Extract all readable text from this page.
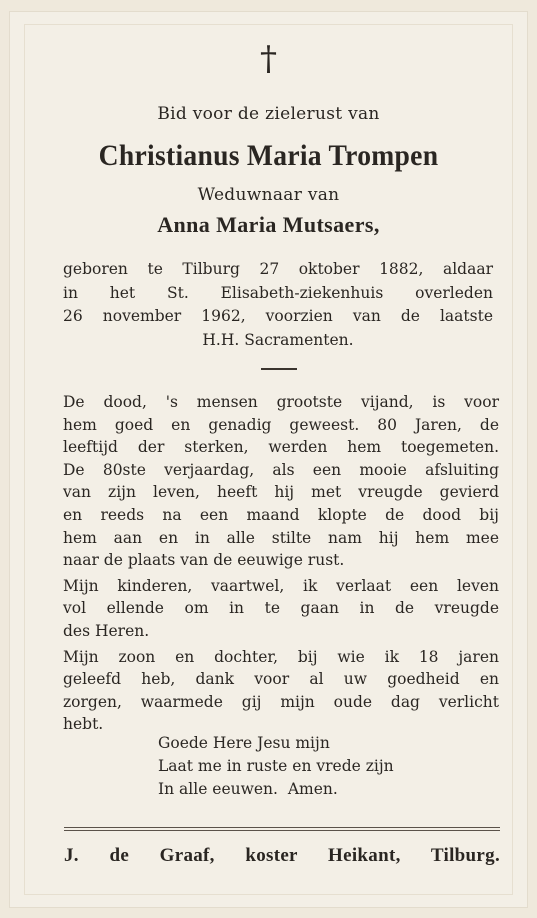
†
Bid voor de zielerust van
Christianus Maria Trompen
Weduwnaar van
Anna Maria Mutsaers,
geboren te Tilburg 27 oktober 1882, aldaar
in het St. Elisabeth-ziekenhuis overleden
26 november 1962, voorzien van de laatste
H.H. Sacramenten.
De dood, 's mensen grootste vijand, is voor
hem goed en genadig geweest. 80 Jaren, de
leeftijd der sterken, werden hem toegemeten.
De 80ste verjaardag, als een mooie afsluiting
van zijn leven, heeft hij met vreugde gevierd
en reeds na een maand klopte de dood bij
hem aan en in alle stilte nam hij hem mee
naar de plaats van de eeuwige rust.
Mijn kinderen, vaartwel, ik verlaat een leven
vol ellende om in te gaan in de vreugde
des Heren.
Mijn zoon en dochter, bij wie ik 18 jaren
geleefd heb, dank voor al uw goedheid en
zorgen, waarmede gij mijn oude dag verlicht
hebt.
Goede Here Jesu mijn
Laat me in ruste en vrede zijn
In alle eeuwen.  Amen.
J. de Graaf, koster Heikant, Tilburg.
